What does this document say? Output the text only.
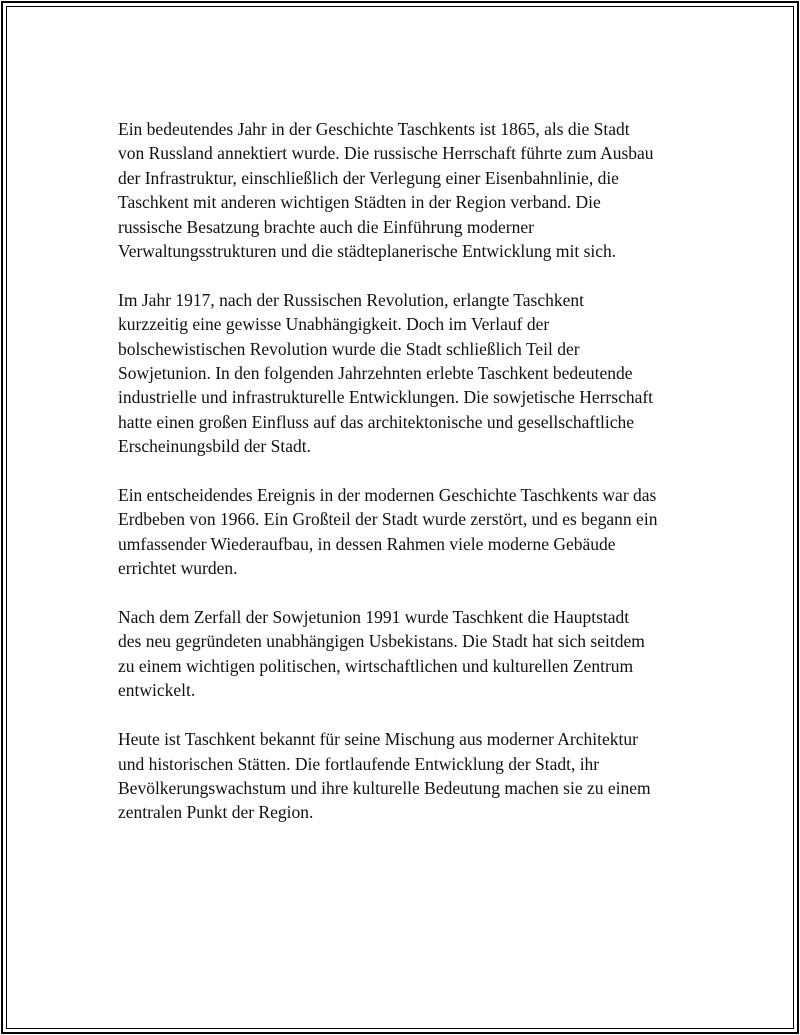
Ein bedeutendes Jahr in der Geschichte Taschkents ist 1865, als die Stadt
von Russland annektiert wurde. Die russische Herrschaft führte zum Ausbau
der Infrastruktur, einschließlich der Verlegung einer Eisenbahnlinie, die
Taschkent mit anderen wichtigen Städten in der Region verband. Die
russische Besatzung brachte auch die Einführung moderner
Verwaltungsstrukturen und die städteplanerische Entwicklung mit sich.

Im Jahr 1917, nach der Russischen Revolution, erlangte Taschkent
kurzzeitig eine gewisse Unabhängigkeit. Doch im Verlauf der
bolschewistischen Revolution wurde die Stadt schließlich Teil der
Sowjetunion. In den folgenden Jahrzehnten erlebte Taschkent bedeutende
industrielle und infrastrukturelle Entwicklungen. Die sowjetische Herrschaft
hatte einen großen Einfluss auf das architektonische und gesellschaftliche
Erscheinungsbild der Stadt.

Ein entscheidendes Ereignis in der modernen Geschichte Taschkents war das
Erdbeben von 1966. Ein Großteil der Stadt wurde zerstört, und es begann ein
umfassender Wiederaufbau, in dessen Rahmen viele moderne Gebäude
errichtet wurden.

Nach dem Zerfall der Sowjetunion 1991 wurde Taschkent die Hauptstadt
des neu gegründeten unabhängigen Usbekistans. Die Stadt hat sich seitdem
zu einem wichtigen politischen, wirtschaftlichen und kulturellen Zentrum
entwickelt.

Heute ist Taschkent bekannt für seine Mischung aus moderner Architektur
und historischen Stätten. Die fortlaufende Entwicklung der Stadt, ihr
Bevölkerungswachstum und ihre kulturelle Bedeutung machen sie zu einem
zentralen Punkt der Region.
